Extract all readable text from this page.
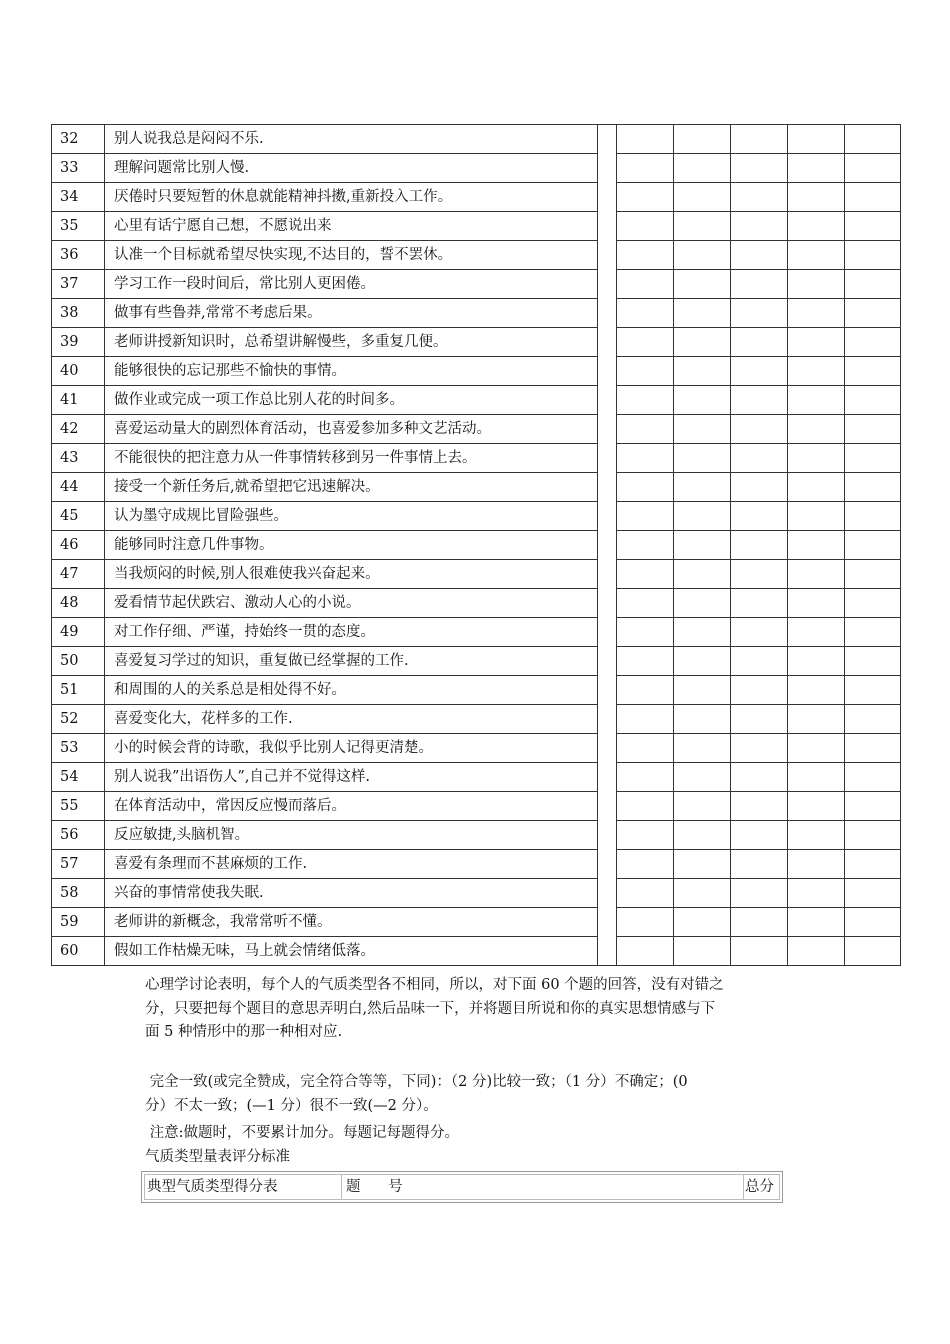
32	别人说我总是闷闷不乐.						
33	理解问题常比别人慢.						
34	厌倦时只要短暂的休息就能精神抖擞,重新投入工作。						
35	心里有话宁愿自己想，不愿说出来						
36	认准一个目标就希望尽快实现,不达目的，誓不罢休。						
37	学习工作一段时间后，常比别人更困倦。						
38	做事有些鲁莽,常常不考虑后果。						
39	老师讲授新知识时，总希望讲解慢些，多重复几便。						
40	能够很快的忘记那些不愉快的事情。						
41	做作业或完成一项工作总比别人花的时间多。						
42	喜爱运动量大的剧烈体育活动，也喜爱参加多种文艺活动。						
43	不能很快的把注意力从一件事情转移到另一件事情上去。						
44	接受一个新任务后,就希望把它迅速解决。						
45	认为墨守成规比冒险强些。						
46	能够同时注意几件事物。						
47	当我烦闷的时候,别人很难使我兴奋起来。						
48	爱看情节起伏跌宕、激动人心的小说。						
49	对工作仔细、严谨，持始终一贯的态度。						
50	喜爱复习学过的知识，重复做已经掌握的工作.						
51	和周围的人的关系总是相处得不好。						
52	喜爱变化大，花样多的工作.						
53	小的时候会背的诗歌，我似乎比别人记得更清楚。						
54	别人说我”出语伤人”,自己并不觉得这样.						
55	在体育活动中，常因反应慢而落后。						
56	反应敏捷,头脑机智。						
57	喜爱有条理而不甚麻烦的工作.						
58	兴奋的事情常使我失眠.						
59	老师讲的新概念，我常常听不懂。						
60	假如工作枯燥无味，马上就会情绪低落。						

心理学讨论表明，每个人的气质类型各不相同，所以，对下面 60 个题的回答，没有对错之

分，只要把每个题目的意思弄明白,然后品味一下，并将题目所说和你的真实思想情感与下

面 5 种情形中的那一种相对应.

完全一致(或完全赞成，完全符合等等，下同)：（2 分)比较一致；（1 分）不确定；(0

分）不太一致；(—1 分）很不一致(—2 分）。

注意:做题时，不要累计加分。每题记每题得分。
气质类型量表评分标准
典型气质类型得分表	题      号	总分
